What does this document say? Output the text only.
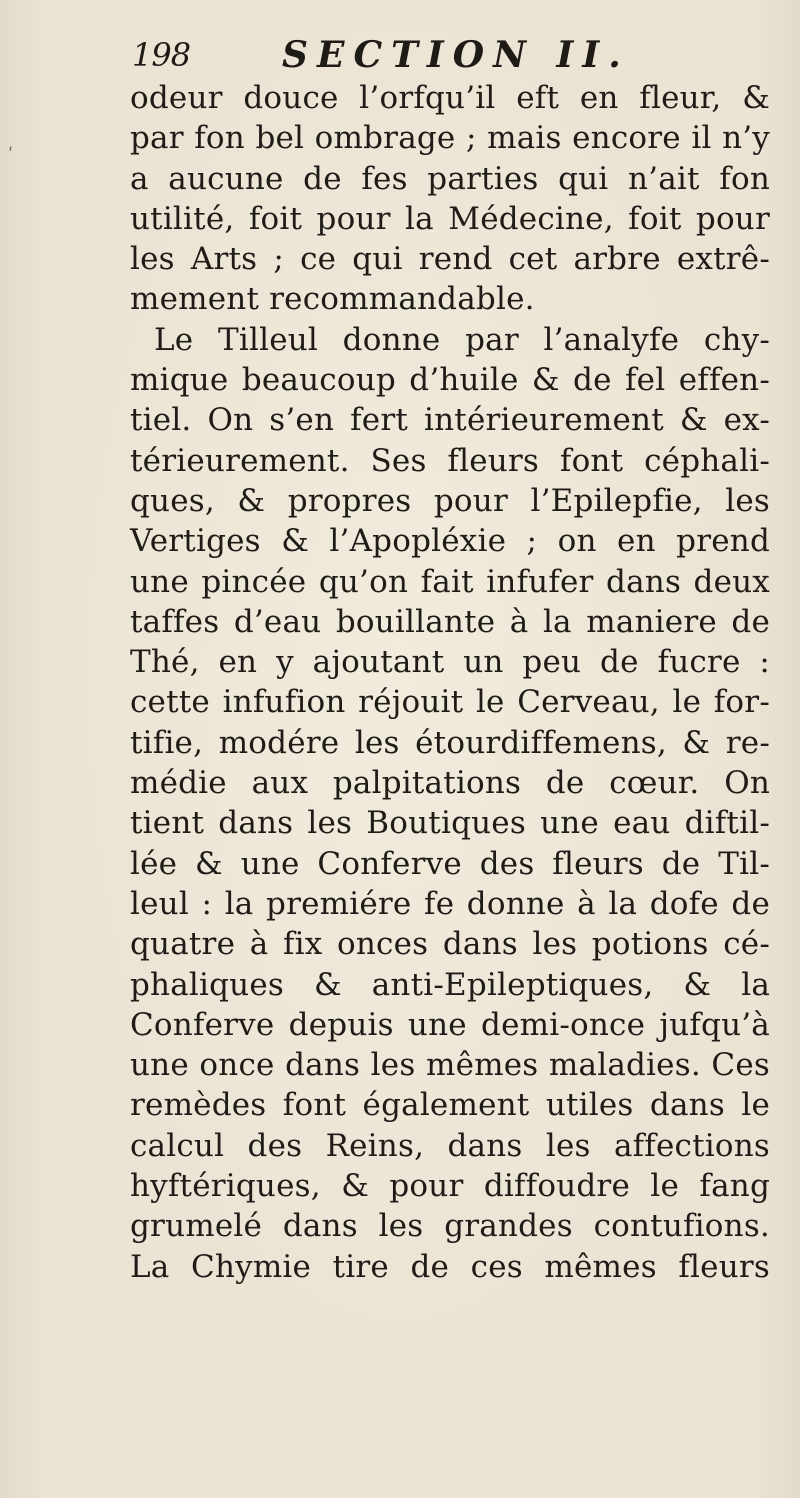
ʹ
198	SECTION II.
odeur douce l’orfqu’il eft en fleur, &
par fon bel ombrage ; mais encore il n’y
a aucune de fes parties qui n’ait fon
utilité, foit pour la Médecine, foit pour
les Arts ; ce qui rend cet arbre extrê-
mement recommandable.
Le Tilleul donne par l’analyfe chy-
mique beaucoup d’huile & de fel effen-
tiel. On s’en fert intérieurement & ex-
térieurement. Ses fleurs font céphali-
ques, & propres pour l’Epilepfie, les
Vertiges & l’Apopléxie ; on en prend
une pincée qu’on fait infufer dans deux
taffes d’eau bouillante à la maniere de
Thé, en y ajoutant un peu de fucre :
cette infufion réjouit le Cerveau, le for-
tifie, modére les étourdiffemens, & re-
médie aux palpitations de cœur. On
tient dans les Boutiques une eau diftil-
lée & une Conferve des fleurs de Til-
leul : la premiére fe donne à la dofe de
quatre à fix onces dans les potions cé-
phaliques & anti-Epileptiques, & la
Conferve depuis une demi-once jufqu’à
une once dans les mêmes maladies. Ces
remèdes font également utiles dans le
calcul des Reins, dans les affections
hyftériques, & pour diffoudre le fang
grumelé dans les grandes contufions.
La Chymie tire de ces mêmes fleurs
